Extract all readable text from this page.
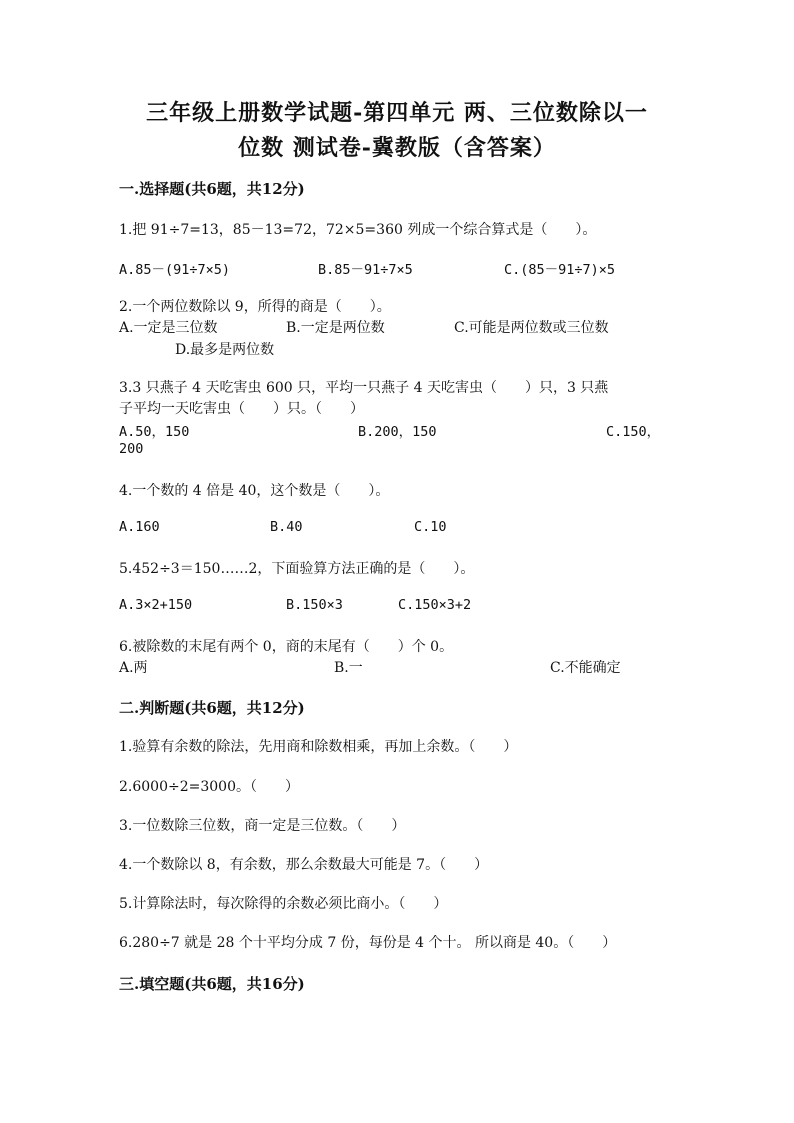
三年级上册数学试题-第四单元 两、三位数除以一
位数 测试卷-冀教版（含答案）
一.选择题(共6题，共12分)
1.把 91÷7=13，85－13=72，72×5=360 列成一个综合算式是（　　）。
A.85－(91÷7×5)	B.85－91÷7×5	C.(85－91÷7)×5
2.一个两位数除以 9，所得的商是（　　）。
A.一定是三位数	B.一定是两位数	C.可能是两位数或三位数
D.最多是两位数
3.3 只燕子 4 天吃害虫 600 只，平均一只燕子 4 天吃害虫（　　）只，3 只燕
子平均一天吃害虫（　　）只。（　　）
A.50，150	B.200，150	C.150，
200
4.一个数的 4 倍是 40，这个数是（　　）。
A.160	B.40	C.10
5.452÷3＝150……2，下面验算方法正确的是（　　）。
A.3×2+150	B.150×3	C.150×3+2
6.被除数的末尾有两个 0，商的末尾有（　　）个 0。
A.两	B.一	C.不能确定
二.判断题(共6题，共12分)
1.验算有余数的除法，先用商和除数相乘，再加上余数。（　　）
2.6000÷2=3000。（　　）
3.一位数除三位数，商一定是三位数。（　　）
4.一个数除以 8，有余数，那么余数最大可能是 7。（　　）
5.计算除法时，每次除得的余数必须比商小。（　　）
6.280÷7 就是 28 个十平均分成 7 份，每份是 4 个十。 所以商是 40。（　　）
三.填空题(共6题，共16分)
